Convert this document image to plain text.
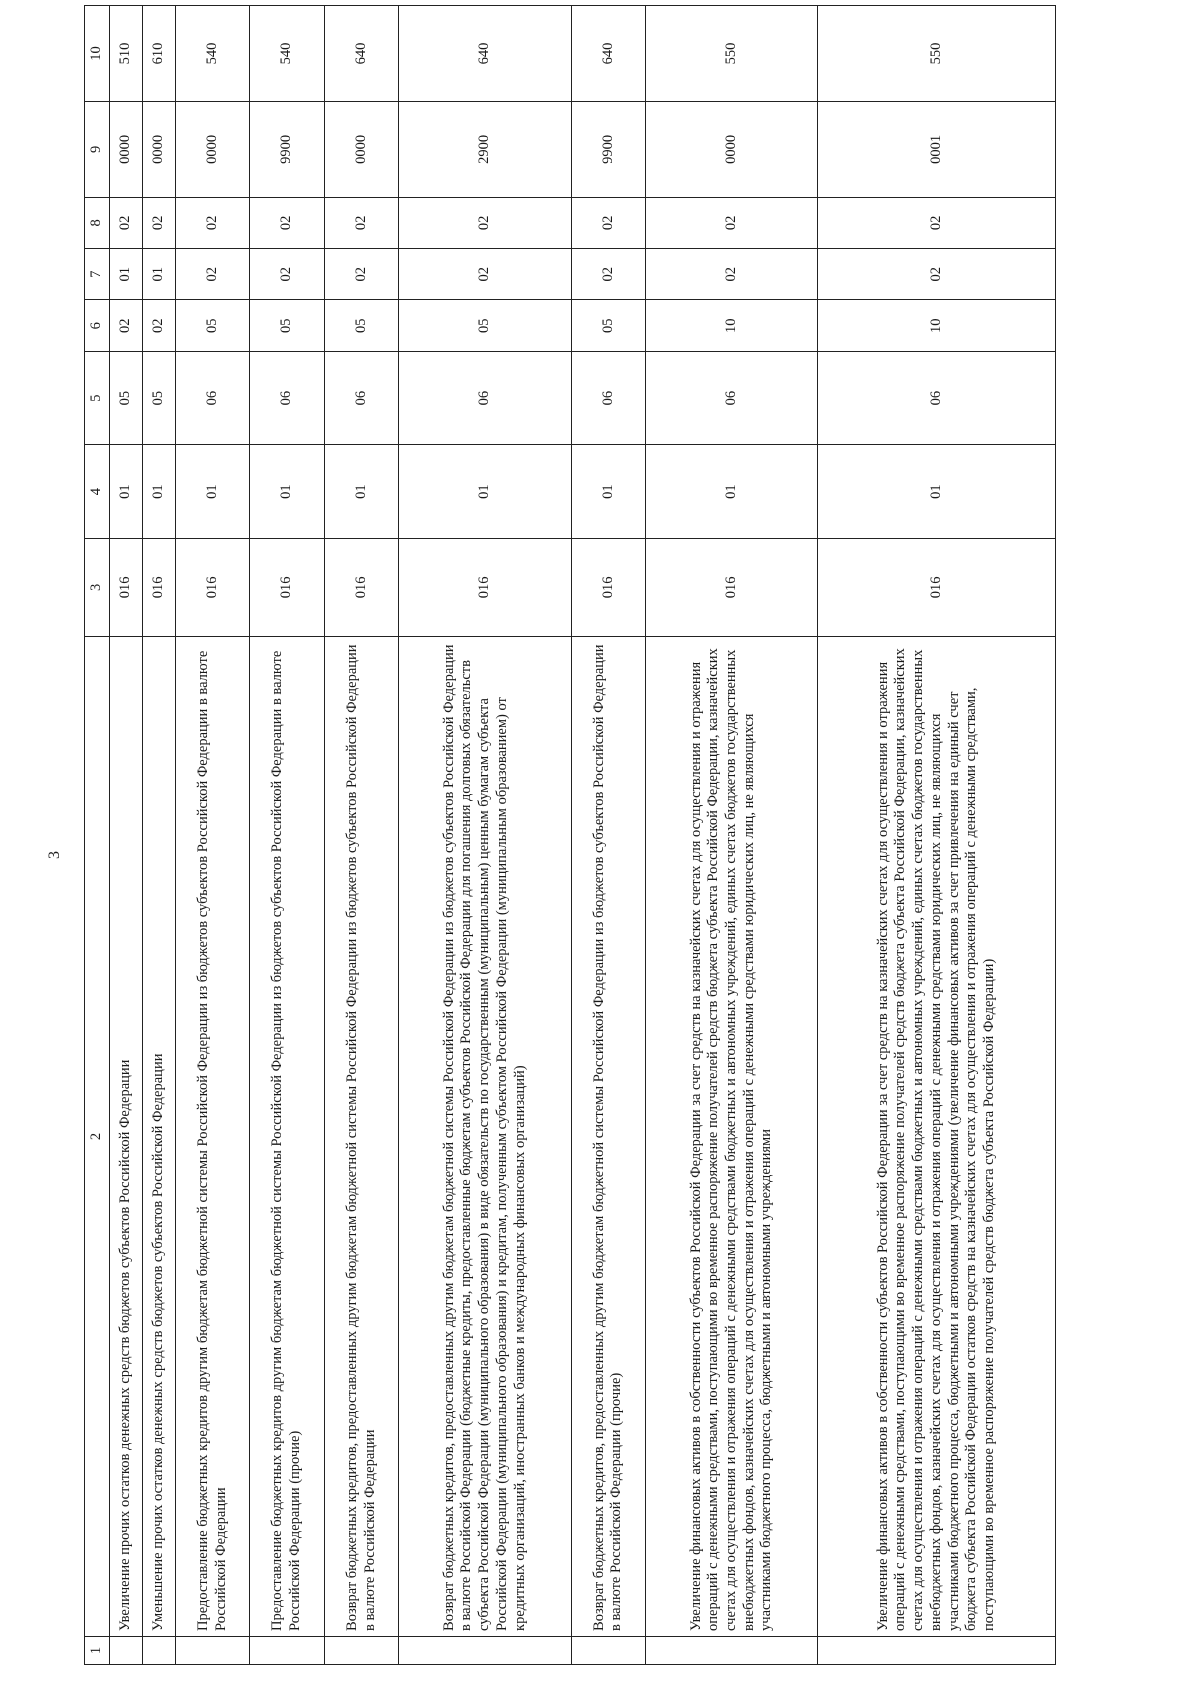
3
1	2	3	4	5	6	7	8	9	10
	Увеличение прочих остатков денежных средств бюджетов субъектов Российской Федерации	016	01	05	02	01	02	0000	510
	Уменьшение прочих остатков денежных средств бюджетов субъектов Российской Федерации	016	01	05	02	01	02	0000	610
	Предоставление бюджетных кредитов другим бюджетам бюджетной системы Российской Федерации из бюджетов субъектов Российской Федерации в валюте Российской Федерации	016	01	06	05	02	02	0000	540
	Предоставление бюджетных кредитов другим бюджетам бюджетной системы Российской Федерации из бюджетов субъектов Российской Федерации в валюте Российской Федерации (прочие)	016	01	06	05	02	02	9900	540
	Возврат бюджетных кредитов, предоставленных другим бюджетам бюджетной системы Российской Федерации из бюджетов субъектов Российской Федерации в валюте Российской Федерации	016	01	06	05	02	02	0000	640
	Возврат бюджетных кредитов, предоставленных другим бюджетам бюджетной системы Российской Федерации из бюджетов субъектов Российской Федерации в валюте Российской Федерации (бюджетные кредиты, предоставленные бюджетам субъектов Российской Федерации для погашения долговых обязательств субъекта Российской Федерации (муниципального образования) в виде обязательств по государственным (муниципальным) ценным бумагам субъекта Российской Федерации (муниципального образования) и кредитам, полученным субъектом Российской Федерации (муниципальным образованием) от кредитных организаций, иностранных банков и международных финансовых организаций)	016	01	06	05	02	02	2900	640
	Возврат бюджетных кредитов, предоставленных другим бюджетам бюджетной системы Российской Федерации из бюджетов субъектов Российской Федерации в валюте Российской Федерации (прочие)	016	01	06	05	02	02	9900	640
	Увеличение финансовых активов в собственности субъектов Российской Федерации за счет средств на казначейских счетах для осуществления и отражения операций с денежными средствами, поступающими во временное распоряжение получателей средств бюджета субъекта Российской Федерации, казначейских счетах для осуществления и отражения операций с денежными средствами бюджетных и автономных учреждений, единых счетах бюджетов государственных внебюджетных фондов, казначейских счетах для осуществления и отражения операций с денежными средствами юридических лиц, не являющихся участниками бюджетного процесса, бюджетными и автономными учреждениями	016	01	06	10	02	02	0000	550
	Увеличение финансовых активов в собственности субъектов Российской Федерации за счет средств на казначейских счетах для осуществления и отражения операций с денежными средствами, поступающими во временное распоряжение получателей средств бюджета субъекта Российской Федерации, казначейских счетах для осуществления и отражения операций с денежными средствами бюджетных и автономных учреждений, единых счетах бюджетов государственных внебюджетных фондов, казначейских счетах для осуществления и отражения операций с денежными средствами юридических лиц, не являющихся участниками бюджетного процесса, бюджетными и автономными учреждениями (увеличение финансовых активов за счет привлечения на единый счет бюджета субъекта Российской Федерации остатков средств на казначейских счетах для осуществления и отражения операций с денежными средствами, поступающими во временное распоряжение получателей средств бюджета субъекта Российской Федерации)	016	01	06	10	02	02	0001	550
